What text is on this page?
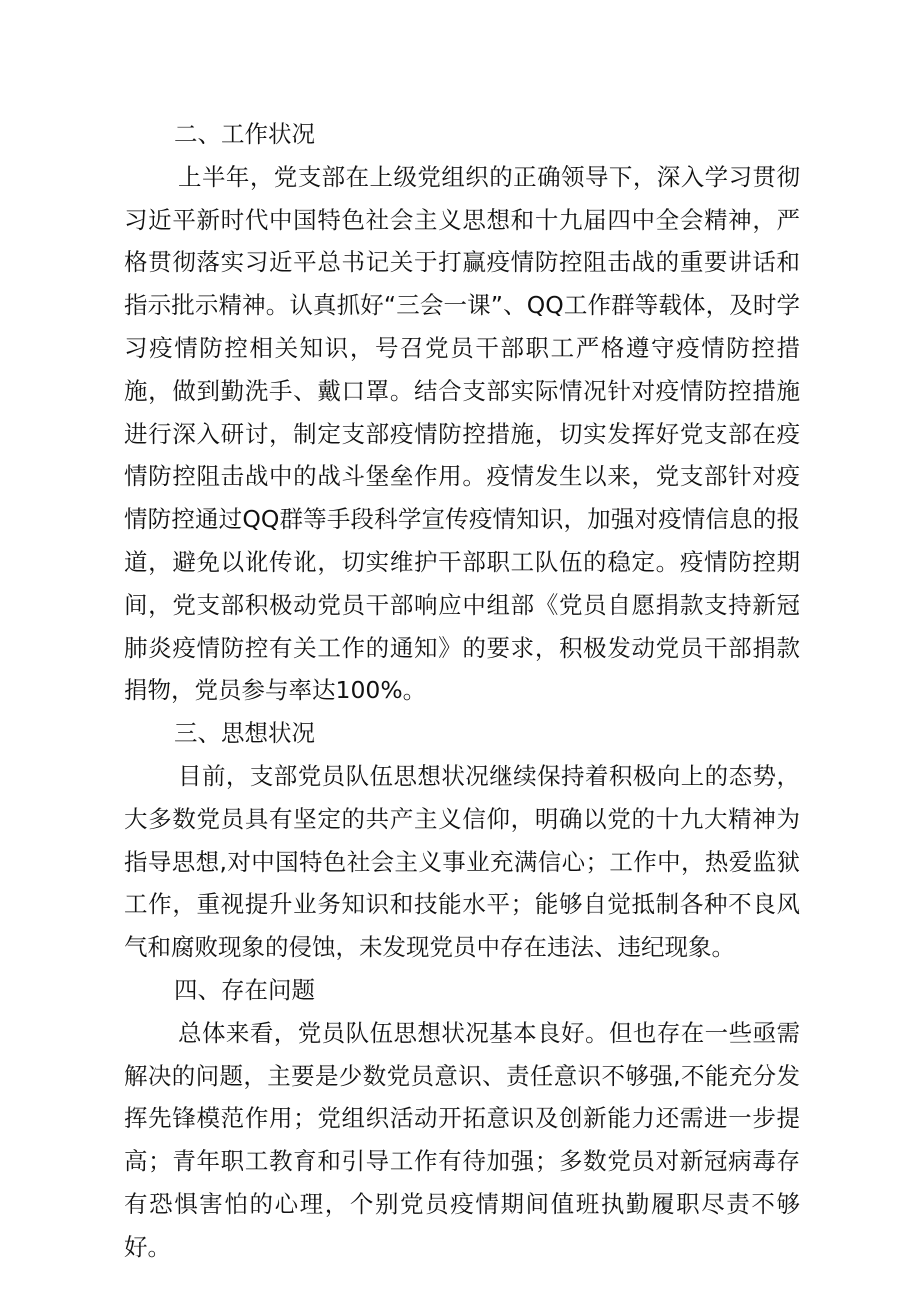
二、工作状况

上半年，党支部在上级党组织的正确领导下，深入学习贯彻习近平新时代中国特色社会主义思想和十九届四中全会精神，严格贯彻落实习近平总书记关于打赢疫情防控阻击战的重要讲话和指示批示精神。认真抓好“三会一课”、QQ工作群等载体，及时学习疫情防控相关知识，号召党员干部职工严格遵守疫情防控措施，做到勤洗手、戴口罩。结合支部实际情况针对疫情防控措施进行深入研讨，制定支部疫情防控措施，切实发挥好党支部在疫情防控阻击战中的战斗堡垒作用。疫情发生以来，党支部针对疫情防控通过QQ群等手段科学宣传疫情知识，加强对疫情信息的报道，避免以讹传讹，切实维护干部职工队伍的稳定。疫情防控期间，党支部积极动党员干部响应中组部《党员自愿捐款支持新冠肺炎疫情防控有关工作的通知》的要求，积极发动党员干部捐款捐物，党员参与率达100%。

三、思想状况

目前，支部党员队伍思想状况继续保持着积极向上的态势，大多数党员具有坚定的共产主义信仰，明确以党的十九大精神为指导思想,对中国特色社会主义事业充满信心；工作中，热爱监狱工作，重视提升业务知识和技能水平；能够自觉抵制各种不良风气和腐败现象的侵蚀，未发现党员中存在违法、违纪现象。

四、存在问题

总体来看，党员队伍思想状况基本良好。但也存在一些亟需解决的问题，主要是少数党员意识、责任意识不够强,不能充分发挥先锋模范作用；党组织活动开拓意识及创新能力还需进一步提高；青年职工教育和引导工作有待加强；多数党员对新冠病毒存有恐惧害怕的心理，个别党员疫情期间值班执勤履职尽责不够好。
